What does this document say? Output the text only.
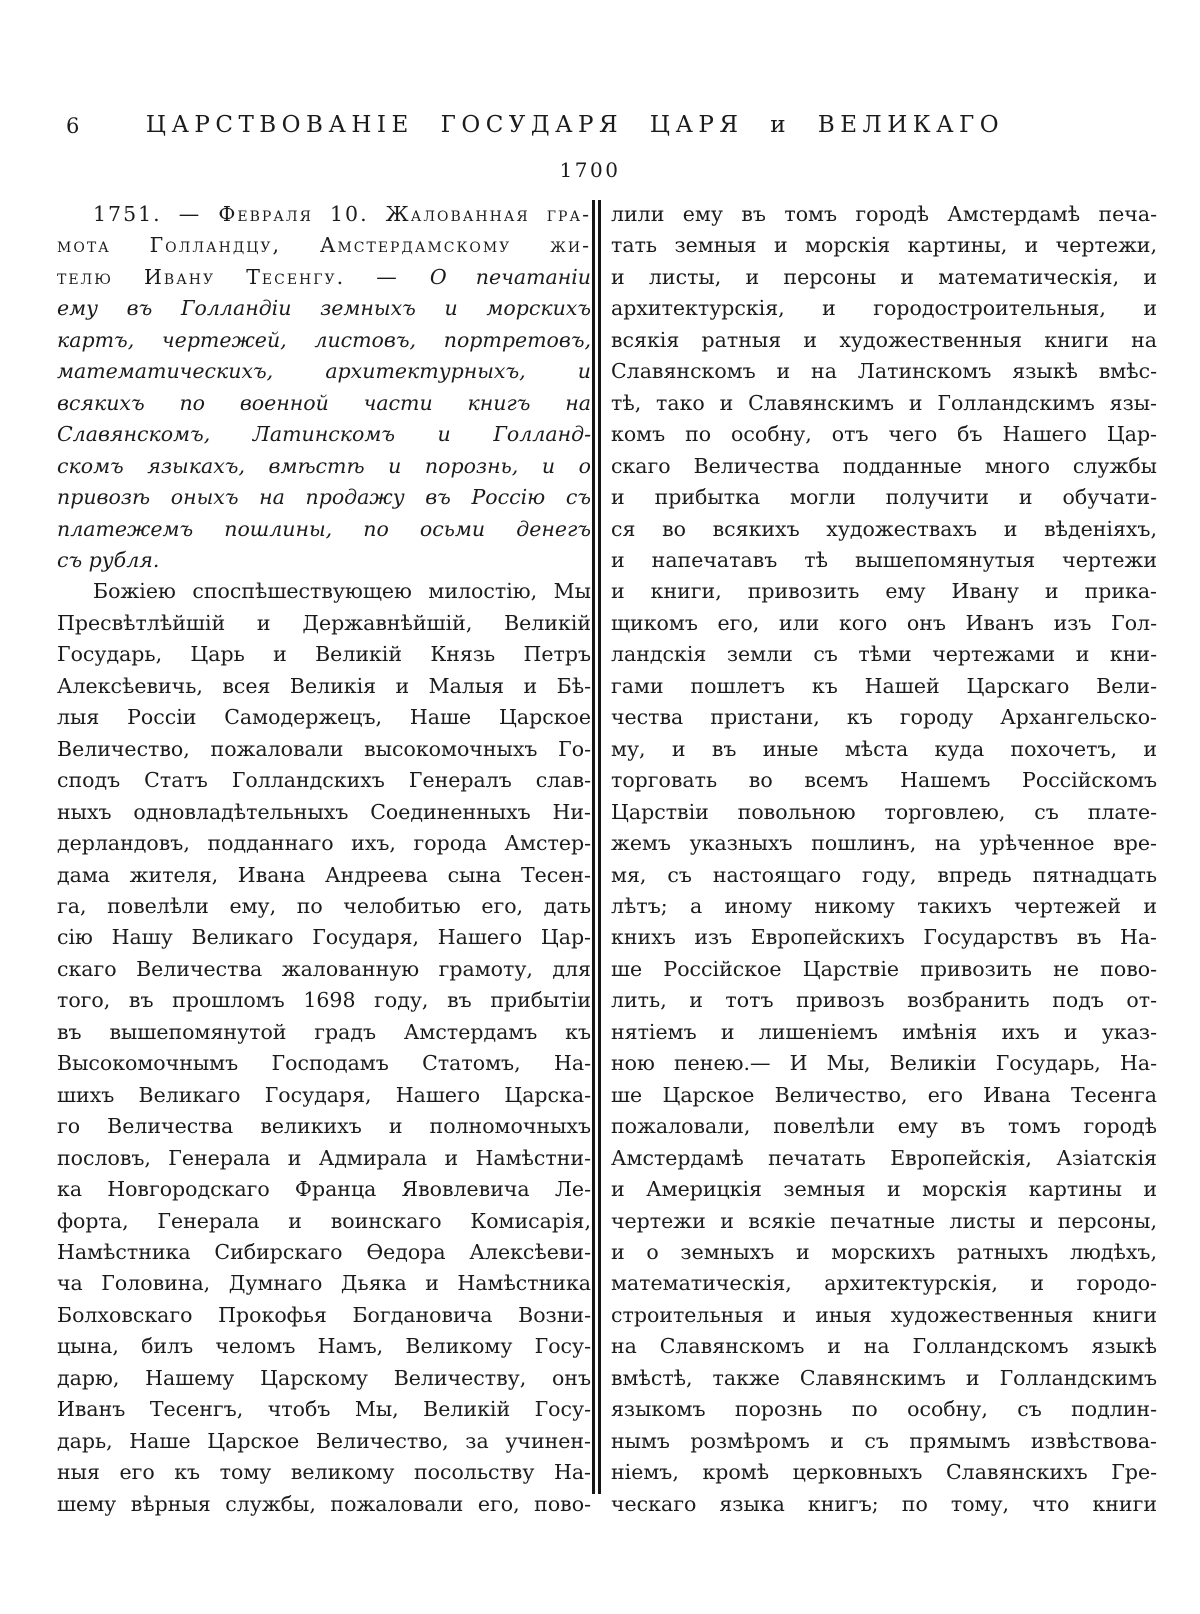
6	ЦАРСТВОВАНІЕ ГОСУДАРЯ ЦАРЯ и ВЕЛИКАГО
1700
1751. — Февраля 10. Жалованная гра-
мота Голландцу, Амстердамскому жи-
телю Ивану Тесенгу. — О печатаніи
ему въ Голландіи земныхъ и морскихъ
картъ, чертежей, листовъ, портретовъ,
математическихъ, архитектурныхъ, и
всякихъ по военной части книгъ на
Славянскомъ, Латинскомъ и Голланд-
скомъ языкахъ, вмѣстѣ и порознь, и о
привозѣ оныхъ на продажу въ Россію съ
платежемъ пошлины, по осьми денегъ
съ рубля.
Божіею споспѣшествующею милостію, Мы
Пресвѣтлѣйшій и Державнѣйшій, Великій
Государь, Царь и Великій Князь Петръ
Алексѣевичь, всея Великія и Малыя и Бѣ-
лыя Россіи Самодержецъ, Наше Царское
Величество, пожаловали высокомочныхъ Го-
сподъ Статъ Голландскихъ Генералъ слав-
ныхъ одновладѣтельныхъ Соединенныхъ Ни-
дерландовъ, подданнаго ихъ, города Амстер-
дама жителя, Ивана Андреева сына Тесен-
га, повелѣли ему, по челобитью его, дать
сію Нашу Великаго Государя, Нашего Цар-
скаго Величества жалованную грамоту, для
того, въ прошломъ 1698 году, въ прибытіи
въ вышепомянутой градъ Амстердамъ къ
Высокомочнымъ Господамъ Статомъ, На-
шихъ Великаго Государя, Нашего Царска-
го Величества великихъ и полномочныхъ
пословъ, Генерала и Адмирала и Намѣстни-
ка Новгородскаго Франца Явовлевича Ле-
форта, Генерала и воинскаго Комисарія,
Намѣстника Сибирскаго Ѳедора Алексѣеви-
ча Головина, Думнаго Дьяка и Намѣстника
Болховскаго Прокофья Богдановича Возни-
цына, билъ челомъ Намъ, Великому Госу-
дарю, Нашему Царскому Величеству, онъ
Иванъ Тесенгъ, чтобъ Мы, Великій Госу-
дарь, Наше Царское Величество, за учинен-
ныя его къ тому великому посольству На-
шему вѣрныя службы, пожаловали его, пово-
лили ему въ томъ городѣ Амстердамѣ печа-
тать земныя и морскія картины, и чертежи,
и листы, и персоны и математическія, и
архитектурскія, и городостроительныя, и
всякія ратныя и художественныя книги на
Славянскомъ и на Латинскомъ языкѣ вмѣс-
тѣ, тако и Славянскимъ и Голландскимъ язы-
комъ по особну, отъ чего бъ Нашего Цар-
скаго Величества подданные много службы
и прибытка могли получити и обучати-
ся во всякихъ художествахъ и вѣденіяхъ,
и напечатавъ тѣ вышепомянутыя чертежи
и книги, привозить ему Ивану и прика-
щикомъ его, или кого онъ Иванъ изъ Гол-
ландскія земли съ тѣми чертежами и кни-
гами пошлетъ къ Нашей Царскаго Вели-
чества пристани, къ городу Архангельско-
му, и въ иные мѣста куда похочетъ, и
торговать во всемъ Нашемъ Россійскомъ
Царствіи повольною торговлею, съ плате-
жемъ указныхъ пошлинъ, на урѣченное вре-
мя, съ настоящаго году, впредь пятнадцать
лѣтъ; а иному никому такихъ чертежей и
книхъ изъ Европейскихъ Государствъ въ На-
ше Россійское Царствіе привозить не пово-
лить, и тотъ привозъ возбранить подъ от-
нятіемъ и лишеніемъ имѣнія ихъ и указ-
ною пенею.— И Мы, Великіи Государь, На-
ше Царское Величество, его Ивана Тесенга
пожаловали, повелѣли ему въ томъ городѣ
Амстердамѣ печатать Европейскія, Азіатскія
и Америцкія земныя и морскія картины и
чертежи и всякіе печатные листы и персоны,
и о земныхъ и морскихъ ратныхъ людѣхъ,
математическія, архитектурскія, и городо-
строительныя и иныя художественныя книги
на Славянскомъ и на Голландскомъ языкѣ
вмѣстѣ, также Славянскимъ и Голландскимъ
языкомъ порознь по особну, съ подлин-
нымъ розмѣромъ и съ прямымъ извѣствова-
ніемъ, кромѣ церковныхъ Славянскихъ Гре-
ческаго языка книгъ; по тому, что книги
